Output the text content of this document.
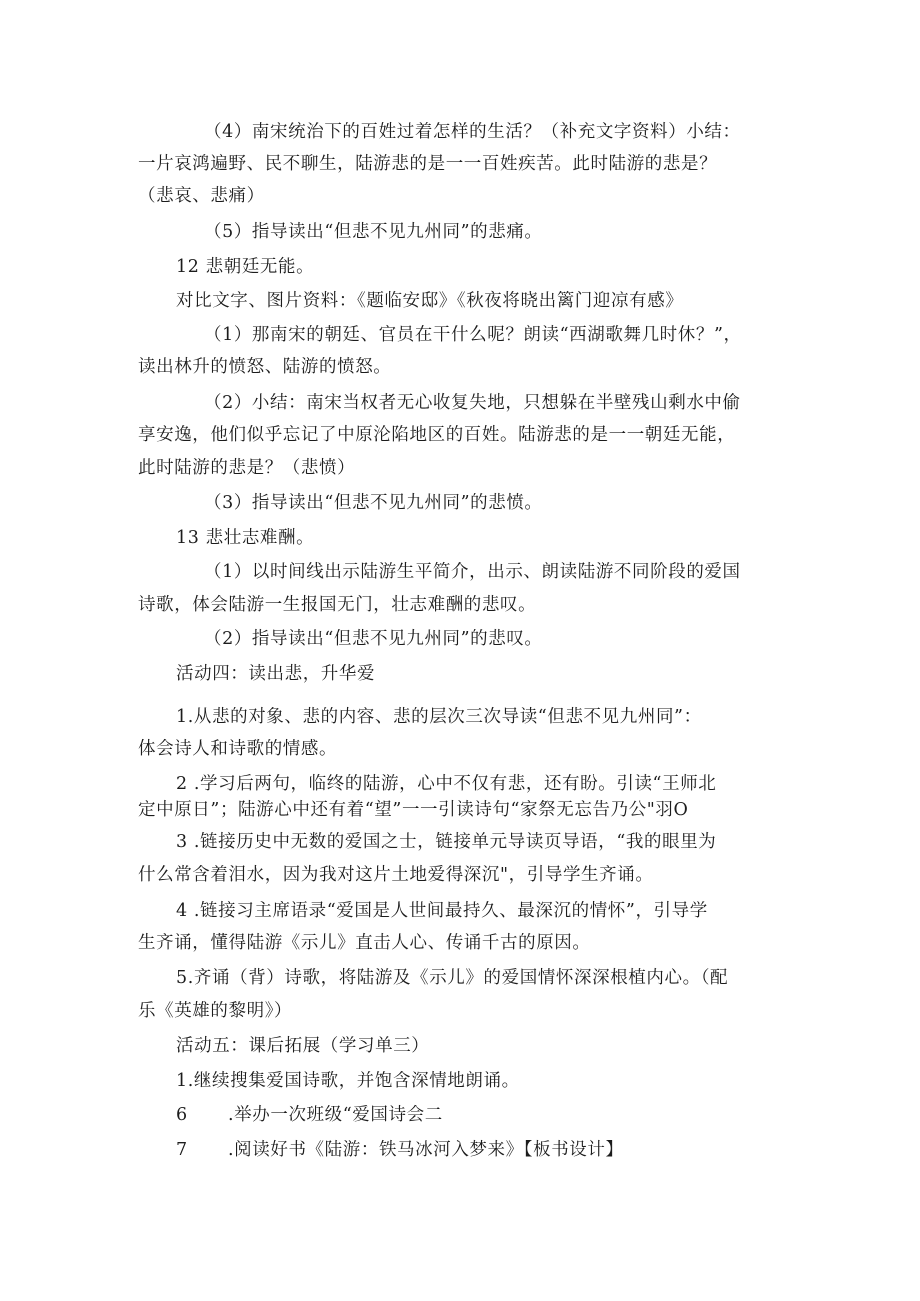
（4）南宋统治下的百姓过着怎样的生活？（补充文字资料）小结：

一片哀鸿遍野、民不聊生，陆游悲的是一一百姓疾苦。此时陆游的悲是？

（悲哀、悲痛）

（5）指导读出“但悲不见九州同”的悲痛。

12 悲朝廷无能。

对比文字、图片资料：《题临安邸》《秋夜将晓出篱门迎凉有感》

（1）那南宋的朝廷、官员在干什么呢？朗读“西湖歌舞几时休？”，

读出林升的愤怒、陆游的愤怒。

（2）小结：南宋当权者无心收复失地，只想躲在半壁残山剩水中偷

享安逸，他们似乎忘记了中原沦陷地区的百姓。陆游悲的是一一朝廷无能，

此时陆游的悲是？（悲愤）

（3）指导读出“但悲不见九州同”的悲愤。

13 悲壮志难酬。

（1）以时间线出示陆游生平简介，出示、朗读陆游不同阶段的爱国

诗歌，体会陆游一生报国无门，壮志难酬的悲叹。

（2）指导读出“但悲不见九州同”的悲叹。

活动四：读出悲，升华爱

1.从悲的对象、悲的内容、悲的层次三次导读“但悲不见九州同”：

体会诗人和诗歌的情感。

2 .学习后两句，临终的陆游，心中不仅有悲，还有盼。引读“王师北

定中原日”；陆游心中还有着“望”一一引读诗句“家祭无忘告乃公"羽O

3 .链接历史中无数的爱国之士，链接单元导读页导语，“我的眼里为

什么常含着泪水，因为我对这片土地爱得深沉"，引导学生齐诵。

4 .链接习主席语录“爱国是人世间最持久、最深沉的情怀”，引导学

生齐诵，懂得陆游《示儿》直击人心、传诵千古的原因。

5.齐诵（背）诗歌，将陆游及《示儿》的爱国情怀深深根植内心。（配

乐《英雄的黎明》）

活动五：课后拓展（学习单三）

1.继续搜集爱国诗歌，并饱含深情地朗诵。

6 .举办一次班级“爱国诗会二

7 .阅读好书《陆游：铁马冰河入梦来》【板书设计】
